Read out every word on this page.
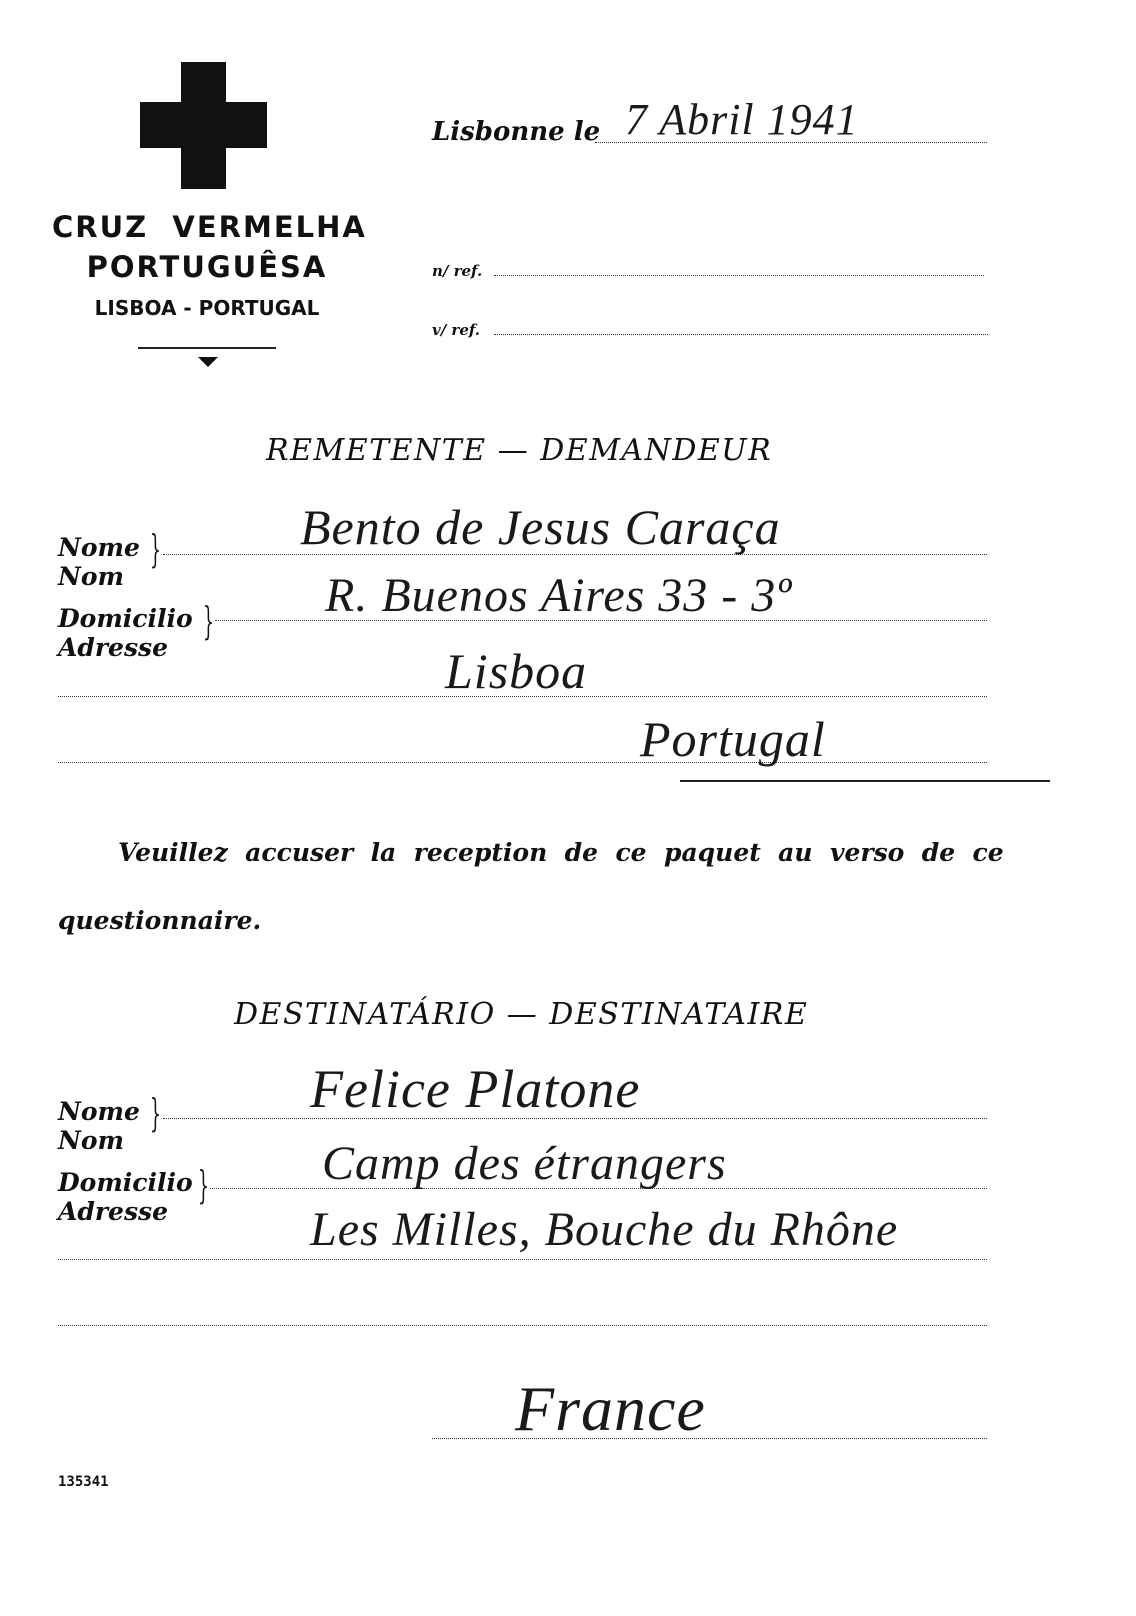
CRUZ  VERMELHA
PORTUGUÊSA
LISBOA - PORTUGAL
Lisbonne le 7 Abril 1941
n/ ref.
v/ ref.
REMETENTE — DEMANDEUR
Nome
Nom
}	Bento de Jesus Caraça
Domicilio
Adresse
} R. Buenos Aires 33 - 3º
Lisboa
Portugal
Veuillez  accuser  la  reception  de  ce  paquet  au  verso  de  ce
questionnaire.
DESTINATÁRIO — DESTINATAIRE
Nome
Nom
}	Felice Platone
Domicilio
Adresse
} Camp des étrangers
Les Milles, Bouche du Rhône
France
135341
